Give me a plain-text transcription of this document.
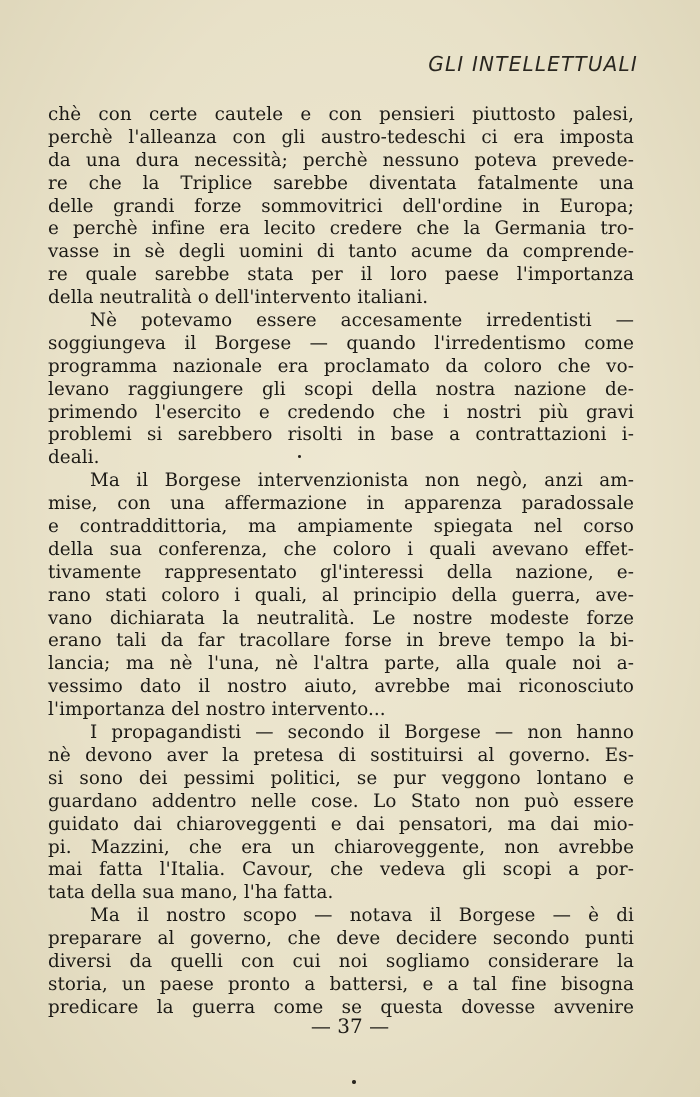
GLI INTELLETTUALI
chè con certe cautele e con pensieri piuttosto palesi,
perchè l'alleanza con gli austro-tedeschi ci era imposta
da una dura necessità; perchè nessuno poteva prevede-
re che la Triplice sarebbe diventata fatalmente una
delle grandi forze sommovitrici dell'ordine in Europa;
e perchè infine era lecito credere che la Germania tro-
vasse in sè degli uomini di tanto acume da comprende-
re quale sarebbe stata per il loro paese l'importanza
della neutralità o dell'intervento italiani.
Nè potevamo essere accesamente irredentisti —
soggiungeva il Borgese — quando l'irredentismo come
programma nazionale era proclamato da coloro che vo-
levano raggiungere gli scopi della nostra nazione de-
primendo l'esercito e credendo che i nostri più gravi
problemi si sarebbero risolti in base a contrattazioni i-
deali.
Ma il Borgese intervenzionista non negò, anzi am-
mise, con una affermazione in apparenza paradossale
e contraddittoria, ma ampiamente spiegata nel corso
della sua conferenza, che coloro i quali avevano effet-
tivamente rappresentato gl'interessi della nazione, e-
rano stati coloro i quali, al principio della guerra, ave-
vano dichiarata la neutralità. Le nostre modeste forze
erano tali da far tracollare forse in breve tempo la bi-
lancia; ma nè l'una, nè l'altra parte, alla quale noi a-
vessimo dato il nostro aiuto, avrebbe mai riconosciuto
l'importanza del nostro intervento...
I propagandisti — secondo il Borgese — non hanno
nè devono aver la pretesa di sostituirsi al governo. Es-
si sono dei pessimi politici, se pur veggono lontano e
guardano addentro nelle cose. Lo Stato non può essere
guidato dai chiaroveggenti e dai pensatori, ma dai mio-
pi. Mazzini, che era un chiaroveggente, non avrebbe
mai fatta l'Italia. Cavour, che vedeva gli scopi a por-
tata della sua mano, l'ha fatta.
Ma il nostro scopo — notava il Borgese — è di
preparare al governo, che deve decidere secondo punti
diversi da quelli con cui noi sogliamo considerare la
storia, un paese pronto a battersi, e a tal fine bisogna
predicare la guerra come se questa dovesse avvenire
— 37 —
